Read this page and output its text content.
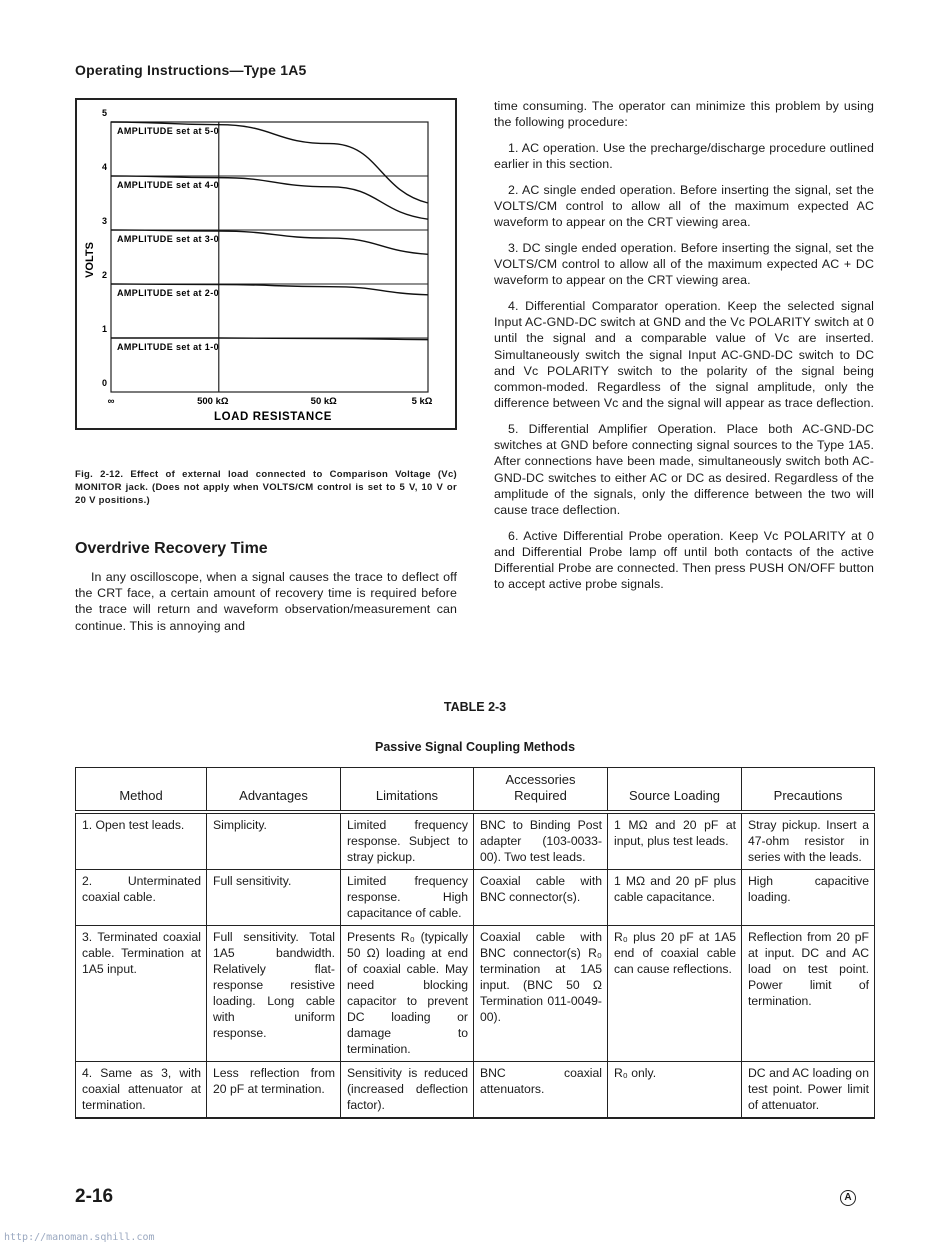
Operating Instructions—Type 1A5
5
4
3
2
1
0
∞	500 kΩ	50 kΩ	5 kΩ
AMPLITUDE set at 5-0
AMPLITUDE set at 4-0
AMPLITUDE set at 3-0
AMPLITUDE set at 2-0
AMPLITUDE set at 1-0
VOLTS
LOAD RESISTANCE
Fig. 2-12. Effect of external load connected to Comparison Voltage (Vc) MONITOR jack. (Does not apply when VOLTS/CM control is set to 5 V, 10 V or 20 V positions.)
Overdrive Recovery Time
In any oscilloscope, when a signal causes the trace to deflect off the CRT face, a certain amount of recovery time is required before the trace will return and waveform observation/measurement can continue. This is annoying and

time consuming. The operator can minimize this problem by using the following procedure:

1. AC operation. Use the precharge/discharge procedure outlined earlier in this section.

2. AC single ended operation. Before inserting the signal, set the VOLTS/CM control to allow all of the maximum expected AC waveform to appear on the CRT viewing area.

3. DC single ended operation. Before inserting the signal, set the VOLTS/CM control to allow all of the maximum expected AC + DC waveform to appear on the CRT viewing area.

4. Differential Comparator operation. Keep the selected signal Input AC-GND-DC switch at GND and the Vc POLARITY switch at 0 until the signal and a comparable value of Vc are inserted. Simultaneously switch the signal Input AC-GND-DC switch to DC and Vc POLARITY switch to the polarity of the signal being common-moded. Regardless of the signal amplitude, only the difference between Vc and the signal will appear as trace deflection.

5. Differential Amplifier Operation. Place both AC-GND-DC switches at GND before connecting signal sources to the Type 1A5. After connections have been made, simultaneously switch both AC-GND-DC switches to either AC or DC as desired. Regardless of the amplitude of the signals, only the difference between the two will cause trace deflection.

6. Active Differential Probe operation. Keep Vc POLARITY at 0 and Differential Probe lamp off until both contacts of the active Differential Probe are connected. Then press PUSH ON/OFF button to accept active probe signals.

TABLE 2-3
Passive Signal Coupling Methods
Method	Advantages	Limitations	Accessories Required	Source Loading	Precautions
1. Open test leads.	Simplicity.	Limited frequency response. Subject to stray pickup.	BNC to Binding Post adapter (103-0033-00). Two test leads.	1 MΩ and 20 pF at input, plus test leads.	Stray pickup. Insert a 47-ohm resistor in series with the leads.
2. Unterminated coaxial cable.	Full sensitivity.	Limited frequency response. High capacitance of cable.	Coaxial cable with BNC connector(s).	1 MΩ and 20 pF plus cable capacitance.	High capacitive loading.
3. Terminated coaxial cable. Termination at 1A5 input.	Full sensitivity. Total 1A5 bandwidth. Relatively flat-response resistive loading. Long cable with uniform response.	Presents R₀ (typically 50 Ω) loading at end of coaxial cable. May need blocking capacitor to prevent DC loading or damage to termination.	Coaxial cable with BNC connector(s) R₀ termination at 1A5 input. (BNC 50 Ω Termination 011-0049-00).	R₀ plus 20 pF at 1A5 end of coaxial cable can cause reflections.	Reflection from 20 pF at input. DC and AC load on test point. Power limit of termination.
4. Same as 3, with coaxial attenuator at termination.	Less reflection from 20 pF at termination.	Sensitivity is reduced (increased deflection factor).	BNC coaxial attenuators.	R₀ only.	DC and AC loading on test point. Power limit of attenuator.
2-16	A
http://manoman.sqhill.com
